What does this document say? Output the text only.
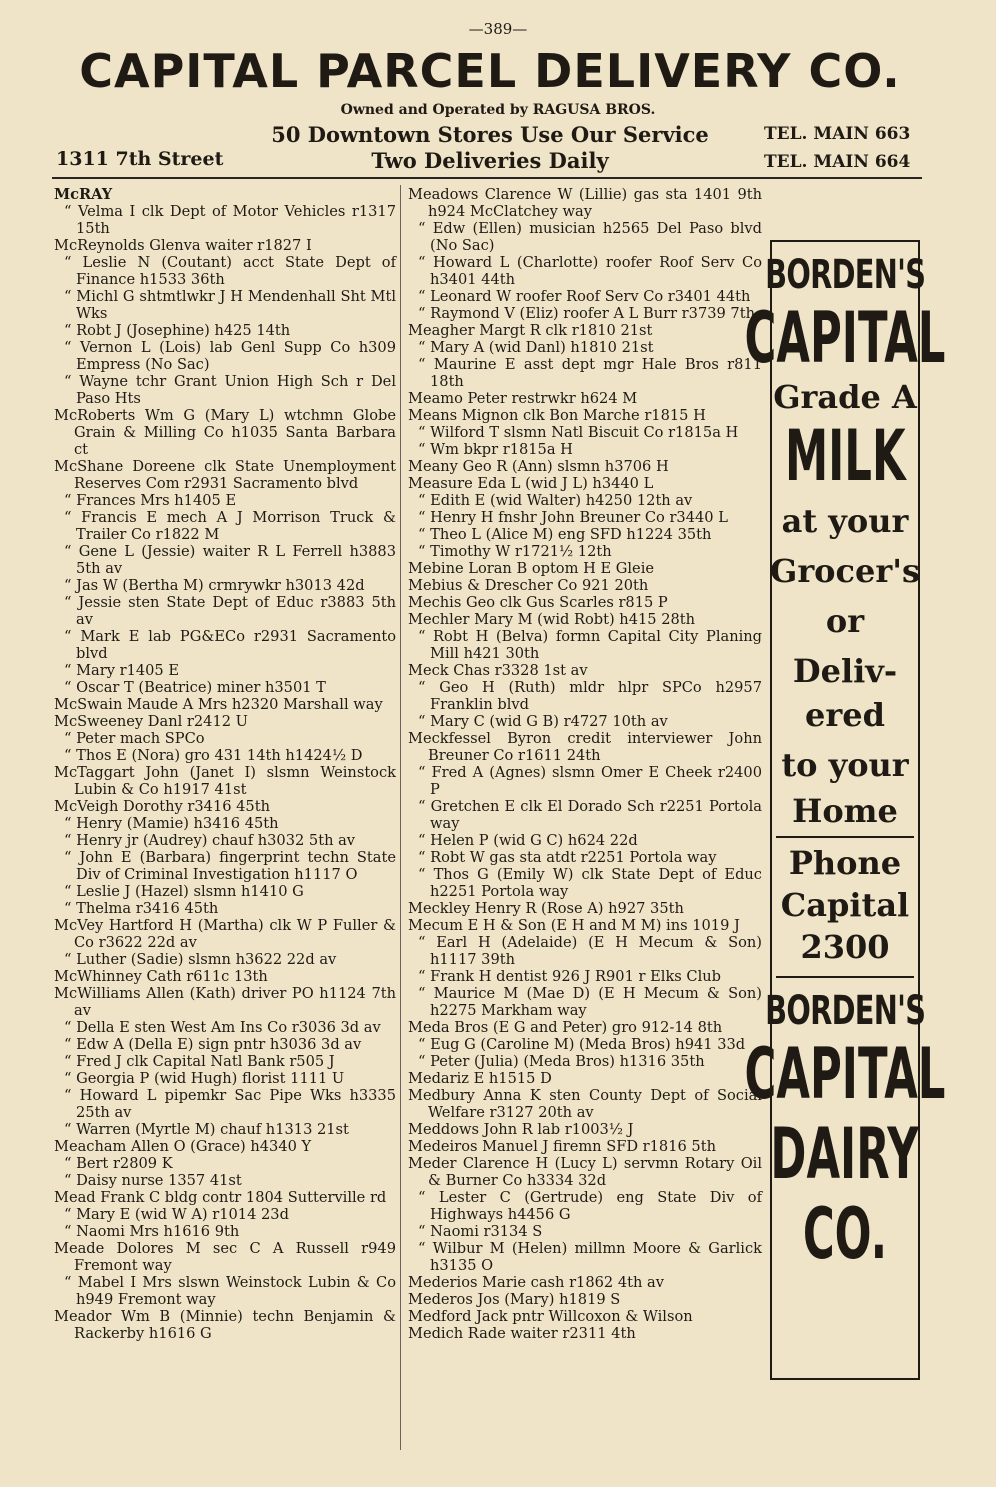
—389—
CAPITAL PARCEL DELIVERY CO.
Owned and Operated by RAGUSA BROS.
50 Downtown Stores Use Our Service	TEL. MAIN 663
1311 7th Street	Two Deliveries Daily	TEL. MAIN 664
McRAY
“ Velma I clk Dept of Motor Vehicles r1317 15th
McReynolds Glenva waiter r1827 I
“ Leslie N (Coutant) acct State Dept of Finance h1533 36th
“ Michl G shtmtlwkr J H Mendenhall Sht Mtl Wks
“ Robt J (Josephine) h425 14th
“ Vernon L (Lois) lab Genl Supp Co h309 Empress (No Sac)
“ Wayne tchr Grant Union High Sch r Del Paso Hts
McRoberts Wm G (Mary L) wtchmn Globe Grain & Milling Co h1035 Santa Barbara ct
McShane Doreene clk State Unemployment Reserves Com r2931 Sacramento blvd
“ Frances Mrs h1405 E
“ Francis E mech A J Morrison Truck & Trailer Co r1822 M
“ Gene L (Jessie) waiter R L Ferrell h3883 5th av
“ Jas W (Bertha M) crmrywkr h3013 42d
“ Jessie sten State Dept of Educ r3883 5th av
“ Mark E lab PG&ECo r2931 Sacramento blvd
“ Mary r1405 E
“ Oscar T (Beatrice) miner h3501 T
McSwain Maude A Mrs h2320 Marshall way
McSweeney Danl r2412 U
“ Peter mach SPCo
“ Thos E (Nora) gro 431 14th h1424½ D
McTaggart John (Janet I) slsmn Weinstock Lubin & Co h1917 41st
McVeigh Dorothy r3416 45th
“ Henry (Mamie) h3416 45th
“ Henry jr (Audrey) chauf h3032 5th av
“ John E (Barbara) fingerprint techn State Div of Criminal Investigation h1117 O
“ Leslie J (Hazel) slsmn h1410 G
“ Thelma r3416 45th
McVey Hartford H (Martha) clk W P Fuller & Co r3622 22d av
“ Luther (Sadie) slsmn h3622 22d av
McWhinney Cath r611c 13th
McWilliams Allen (Kath) driver PO h1124 7th av
“ Della E sten West Am Ins Co r3036 3d av
“ Edw A (Della E) sign pntr h3036 3d av
“ Fred J clk Capital Natl Bank r505 J
“ Georgia P (wid Hugh) florist 1111 U
“ Howard L pipemkr Sac Pipe Wks h3335 25th av
“ Warren (Myrtle M) chauf h1313 21st
Meacham Allen O (Grace) h4340 Y
“ Bert r2809 K
“ Daisy nurse 1357 41st
Mead Frank C bldg contr 1804 Sutterville rd
“ Mary E (wid W A) r1014 23d
“ Naomi Mrs h1616 9th
Meade Dolores M sec C A Russell r949 Fremont way
“ Mabel I Mrs slswn Weinstock Lubin & Co h949 Fremont way
Meador Wm B (Minnie) techn Benjamin & Rackerby h1616 G
Meadows Clarence W (Lillie) gas sta 1401 9th h924 McClatchey way
“ Edw (Ellen) musician h2565 Del Paso blvd (No Sac)
“ Howard L (Charlotte) roofer Roof Serv Co h3401 44th
“ Leonard W roofer Roof Serv Co r3401 44th
“ Raymond V (Eliz) roofer A L Burr r3739 7th
Meagher Margt R clk r1810 21st
“ Mary A (wid Danl) h1810 21st
“ Maurine E asst dept mgr Hale Bros r811 18th
Meamo Peter restrwkr h624 M
Means Mignon clk Bon Marche r1815 H
“ Wilford T slsmn Natl Biscuit Co r1815a H
“ Wm bkpr r1815a H
Meany Geo R (Ann) slsmn h3706 H
Measure Eda L (wid J L) h3440 L
“ Edith E (wid Walter) h4250 12th av
“ Henry H fnshr John Breuner Co r3440 L
“ Theo L (Alice M) eng SFD h1224 35th
“ Timothy W r1721½ 12th
Mebine Loran B optom H E Gleie
Mebius & Drescher Co 921 20th
Mechis Geo clk Gus Scarles r815 P
Mechler Mary M (wid Robt) h415 28th
“ Robt H (Belva) formn Capital City Planing Mill h421 30th
Meck Chas r3328 1st av
“ Geo H (Ruth) mldr hlpr SPCo h2957 Franklin blvd
“ Mary C (wid G B) r4727 10th av
Meckfessel Byron credit interviewer John Breuner Co r1611 24th
“ Fred A (Agnes) slsmn Omer E Cheek r2400 P
“ Gretchen E clk El Dorado Sch r2251 Portola way
“ Helen P (wid G C) h624 22d
“ Robt W gas sta atdt r2251 Portola way
“ Thos G (Emily W) clk State Dept of Educ h2251 Portola way
Meckley Henry R (Rose A) h927 35th
Mecum E H & Son (E H and M M) ins 1019 J
“ Earl H (Adelaide) (E H Mecum & Son) h1117 39th
“ Frank H dentist 926 J R901 r Elks Club
“ Maurice M (Mae D) (E H Mecum & Son) h2275 Markham way
Meda Bros (E G and Peter) gro 912-14 8th
“ Eug G (Caroline M) (Meda Bros) h941 33d
“ Peter (Julia) (Meda Bros) h1316 35th
Medariz E h1515 D
Medbury Anna K sten County Dept of Social Welfare r3127 20th av
Meddows John R lab r1003½ J
Medeiros Manuel J firemn SFD r1816 5th
Meder Clarence H (Lucy L) servmn Rotary Oil & Burner Co h3334 32d
“ Lester C (Gertrude) eng State Div of Highways h4456 G
“ Naomi r3134 S
“ Wilbur M (Helen) millmn Moore & Garlick h3135 O
Mederios Marie cash r1862 4th av
Mederos Jos (Mary) h1819 S
Medford Jack pntr Willcoxon & Wilson
Medich Rade waiter r2311 4th
BORDEN'S
CAPITAL
Grade A
MILK
at your
Grocer's
or
Deliv-
ered
to your
Home
Phone
Capital
2300
BORDEN'S
CAPITAL
DAIRY
CO.
